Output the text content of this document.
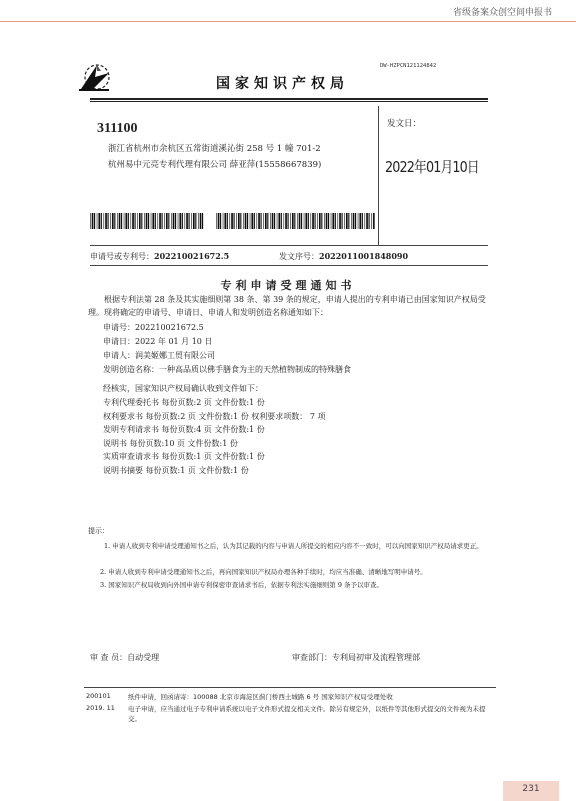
省级备案众创空间申报书
国家知识产权局
DW-HZPCN121124842
311100
浙江省杭州市余杭区五常街道溪沁街 258 号 1 幢 701-2
杭州易中元亮专利代理有限公司 薛亚萍(15558667839)
发文日：
2022年01月10日
申请号或专利号：202210021672.5	发文序号：2022011001848090
专利申请受理通知书
根据专利法第 28 条及其实施细则第 38 条、第 39 条的规定，申请人提出的专利申请已由国家知识产权局受理。现将确定的申请号、申请日、申请人和发明创造名称通知如下：
申请号：202210021672.5
申请日：2022 年 01 月 10 日
申请人：润美姬娜工贸有限公司
发明创造名称：一种高品质以佛手膳食为主的天然植物制成的特殊膳食
经核实，国家知识产权局确认收到文件如下：
专利代理委托书 每份页数:2 页 文件份数:1 份
权利要求书 每份页数:2 页 文件份数:1 份 权利要求项数： 7 项
发明专利请求书 每份页数:4 页 文件份数:1 份
说明书 每份页数:10 页 文件份数:1 份
实质审查请求书 每份页数:1 页 文件份数:1 份
说明书摘要 每份页数:1 页 文件份数:1 份
提示：
1. 申请人收到专利申请受理通知书之后，认为其记载的内容与申请人所提交的相应内容不一致时，可以向国家知识产权局请求更正。
2. 申请人收到专利申请受理通知书之后，再向国家知识产权局办理各种手续时，均应当准确、清晰地写明申请号。
3. 国家知识产权局收到向外国申请专利保密审查请求书后，依据专利法实施细则第 9 条予以审查。
审 查 员：自动受理	审查部门：专利局初审及流程管理部
200101	纸件申请，回函请寄：100088 北京市海淀区蓟门桥西土城路 6 号 国家知识产权局受理处收
2019. 11 电子申请，应当通过电子专利申请系统以电子文件形式提交相关文件。除另有规定外，以纸件等其他形式提交的文件视为未提交。
231
